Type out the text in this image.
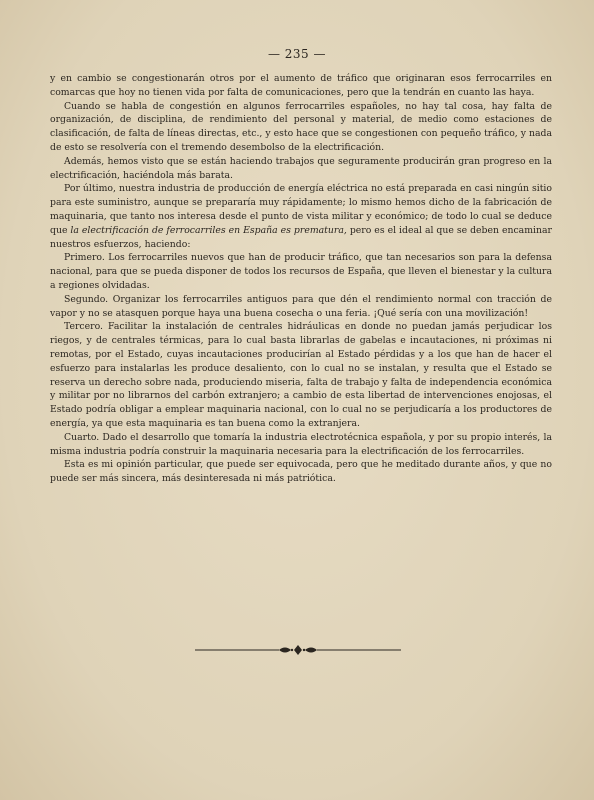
— 235 —

y en cambio se congestionarán otros por el aumento de tráfico que originaran esos ferrocarriles en comarcas que hoy no tienen vida por falta de comunicaciones, pero que la tendrán en cuanto las haya.

Cuando se habla de congestión en algunos ferrocarriles españoles, no hay tal cosa, hay falta de organización, de disciplina, de rendimiento del personal y material, de medio como estaciones de clasificación, de falta de líneas directas, etc., y esto hace que se congestionen con pequeño tráfico, y nada de esto se resolvería con el tremendo desembolso de la electrificación.

Además, hemos visto que se están haciendo trabajos que seguramente producirán gran progreso en la electrificación, haciéndola más barata.

Por último, nuestra industria de producción de energía eléctrica no está preparada en casi ningún sitio para este suministro, aunque se prepararía muy rápidamente; lo mismo hemos dicho de la fabricación de maquinaria, que tanto nos interesa desde el punto de vista militar y económico; de todo lo cual se deduce que la electrificación de ferrocarriles en España es prematura, pero es el ideal al que se deben encaminar nuestros esfuerzos, haciendo:

Primero. Los ferrocarriles nuevos que han de producir tráfico, que tan necesarios son para la defensa nacional, para que se pueda disponer de todos los recursos de España, que lleven el bienestar y la cultura a regiones olvidadas.

Segundo. Organizar los ferrocarriles antiguos para que dén el rendimiento normal con tracción de vapor y no se atasquen porque haya una buena cosecha o una feria. ¡Qué sería con una movilización!

Tercero. Facilitar la instalación de centrales hidráulicas en donde no puedan jamás perjudicar los riegos, y de centrales térmicas, para lo cual basta librarlas de gabelas e incautaciones, ni próximas ni remotas, por el Estado, cuyas incautaciones producirían al Estado pérdidas y a los que han de hacer el esfuerzo para instalarlas les produce desaliento, con lo cual no se instalan, y resulta que el Estado se reserva un derecho sobre nada, produciendo miseria, falta de trabajo y falta de independencia económica y militar por no librarnos del carbón extranjero; a cambio de esta libertad de intervenciones enojosas, el Estado podría obligar a emplear maquinaria nacional, con lo cual no se perjudicaría a los productores de energía, ya que esta maquinaria es tan buena como la extranjera.

Cuarto. Dado el desarrollo que tomaría la industria electrotécnica española, y por su propio interés, la misma industria podría construir la maquinaria necesaria para la electrificación de los ferrocarriles.

Esta es mi opinión particular, que puede ser equivocada, pero que he meditado durante años, y que no puede ser más sincera, más desinteresada ni más patriótica.
